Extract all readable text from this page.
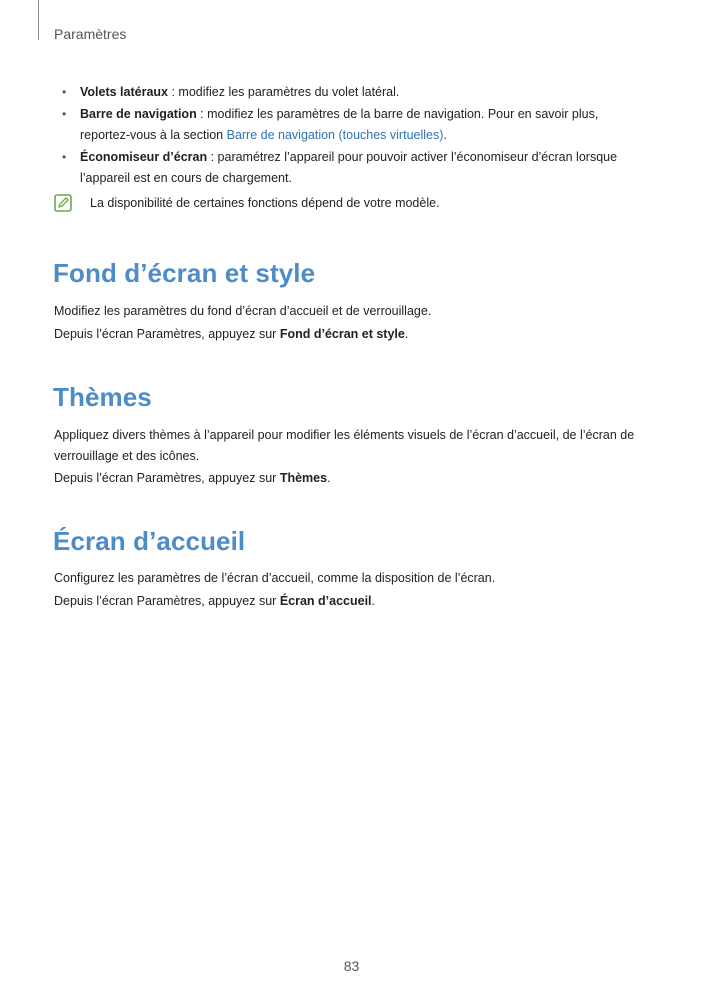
Paramètres
• Volets latéraux : modifiez les paramètres du volet latéral.
• Barre de navigation : modifiez les paramètres de la barre de navigation. Pour en savoir plus, reportez-vous à la section Barre de navigation (touches virtuelles).
• Économiseur d’écran : paramétrez l’appareil pour pouvoir activer l’économiseur d’écran lorsque l’appareil est en cours de chargement.
La disponibilité de certaines fonctions dépend de votre modèle.
Fond d’écran et style
Modifiez les paramètres du fond d’écran d’accueil et de verrouillage.
Depuis l’écran Paramètres, appuyez sur Fond d’écran et style.
Thèmes
Appliquez divers thèmes à l’appareil pour modifier les éléments visuels de l’écran d’accueil, de l’écran de verrouillage et des icônes.
Depuis l’écran Paramètres, appuyez sur Thèmes.
Écran d’accueil
Configurez les paramètres de l’écran d’accueil, comme la disposition de l’écran.
Depuis l’écran Paramètres, appuyez sur Écran d’accueil.
83
